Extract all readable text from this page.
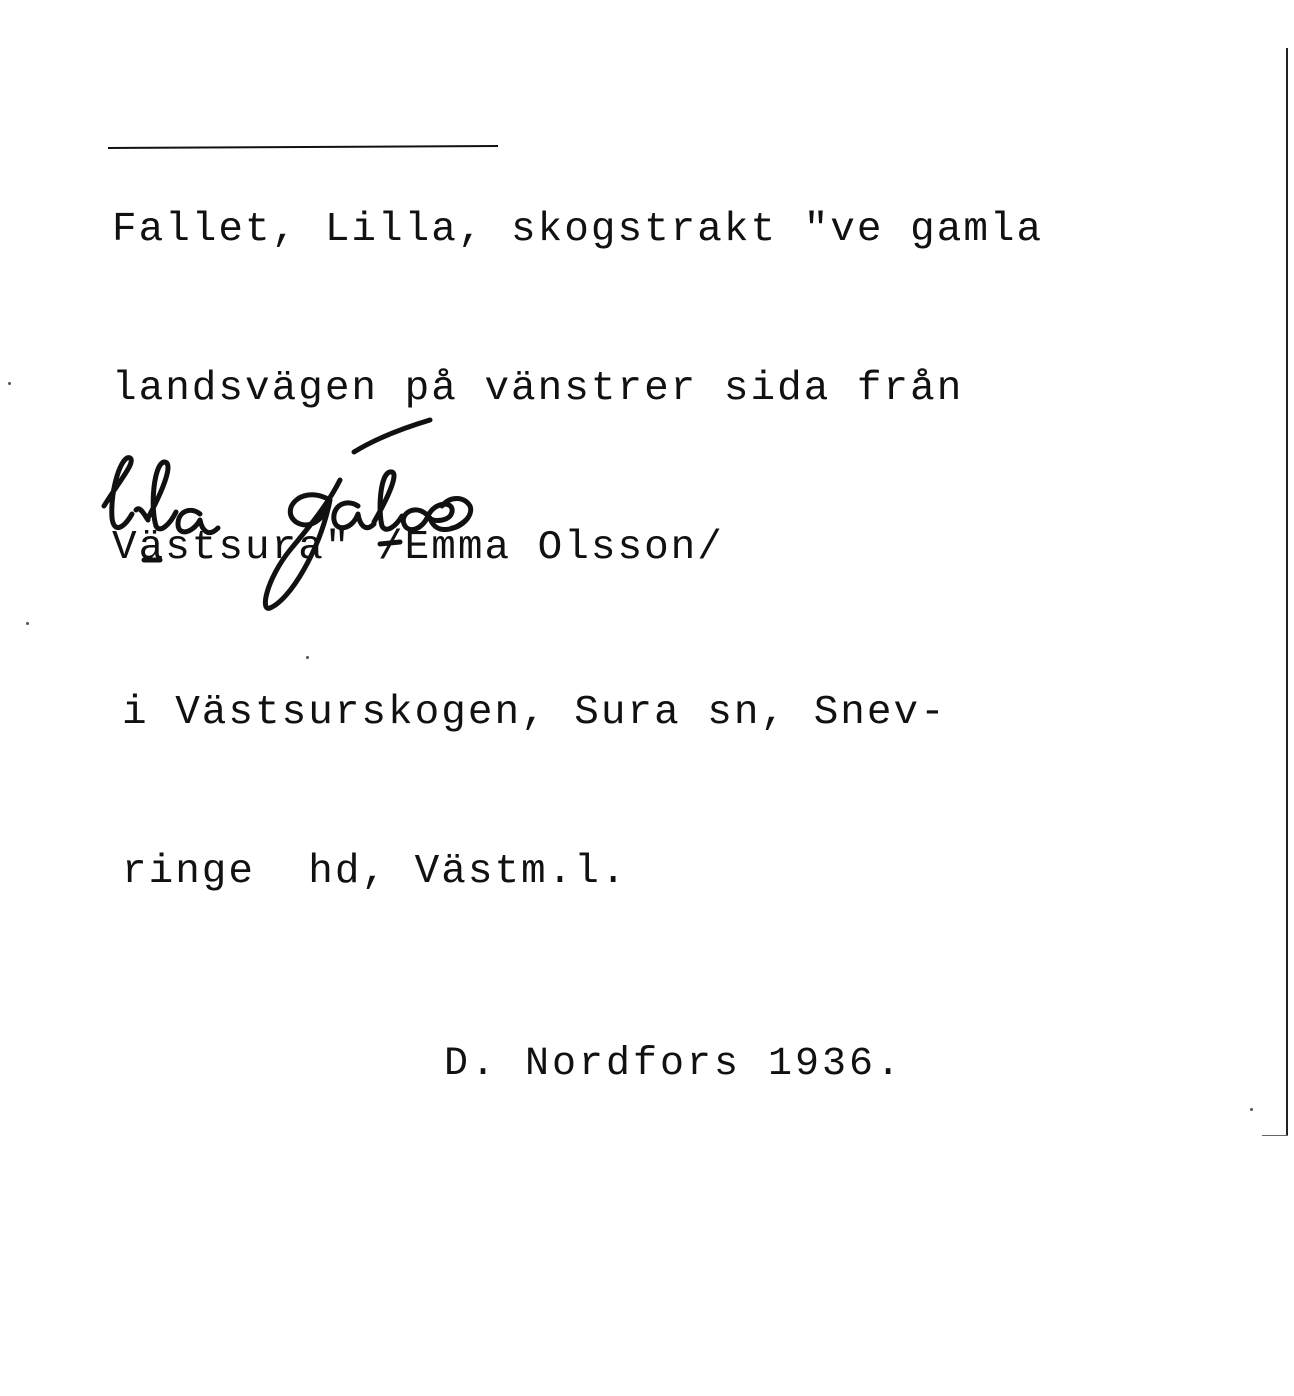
Fallet, Lilla, skogstrakt "ve gamla

landsvägen på vänstrer sida från

Västsura" /Emma Olsson/

i Västsurskogen, Sura sn, Snev-

ringe  hd, Västm.l.

D. Nordfors 1936.
